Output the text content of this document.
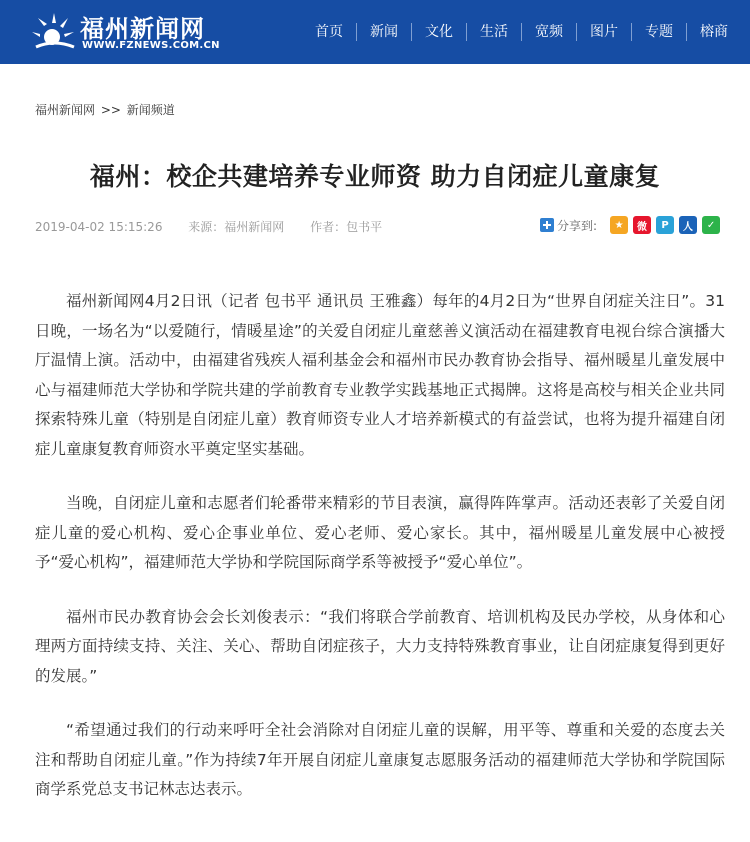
福州新闻网
WWW.FZNEWS.COM.CN
首页	新闻	文化	生活	宽频	图片	专题	榕商
福州新闻网 >> 新闻频道
福州：校企共建培养专业师资 助力自闭症儿童康复
2019-04-02 15:15:26 来源：福州新闻网 作者：包书平	分享到:	★	微	P	人	✓

福州新闻网4月2日讯（记者 包书平 通讯员 王雅鑫）每年的4月2日为“世界自闭症关注日”。31日晚，一场名为“以爱随行，情暖星途”的关爱自闭症儿童慈善义演活动在福建教育电视台综合演播大厅温情上演。活动中，由福建省残疾人福利基金会和福州市民办教育协会指导、福州暖星儿童发展中心与福建师范大学协和学院共建的学前教育专业教学实践基地正式揭牌。这将是高校与相关企业共同探索特殊儿童（特别是自闭症儿童）教育师资专业人才培养新模式的有益尝试，也将为提升福建自闭症儿童康复教育师资水平奠定坚实基础。

当晚，自闭症儿童和志愿者们轮番带来精彩的节目表演，赢得阵阵掌声。活动还表彰了关爱自闭症儿童的爱心机构、爱心企事业单位、爱心老师、爱心家长。其中，福州暖星儿童发展中心被授予“爱心机构”，福建师范大学协和学院国际商学系等被授予“爱心单位”。

福州市民办教育协会会长刘俊表示：“我们将联合学前教育、培训机构及民办学校，从身体和心理两方面持续支持、关注、关心、帮助自闭症孩子，大力支持特殊教育事业，让自闭症康复得到更好的发展。”

“希望通过我们的行动来呼吁全社会消除对自闭症儿童的误解，用平等、尊重和关爱的态度去关注和帮助自闭症儿童。”作为持续7年开展自闭症儿童康复志愿服务活动的福建师范大学协和学院国际商学系党总支书记林志达表示。
